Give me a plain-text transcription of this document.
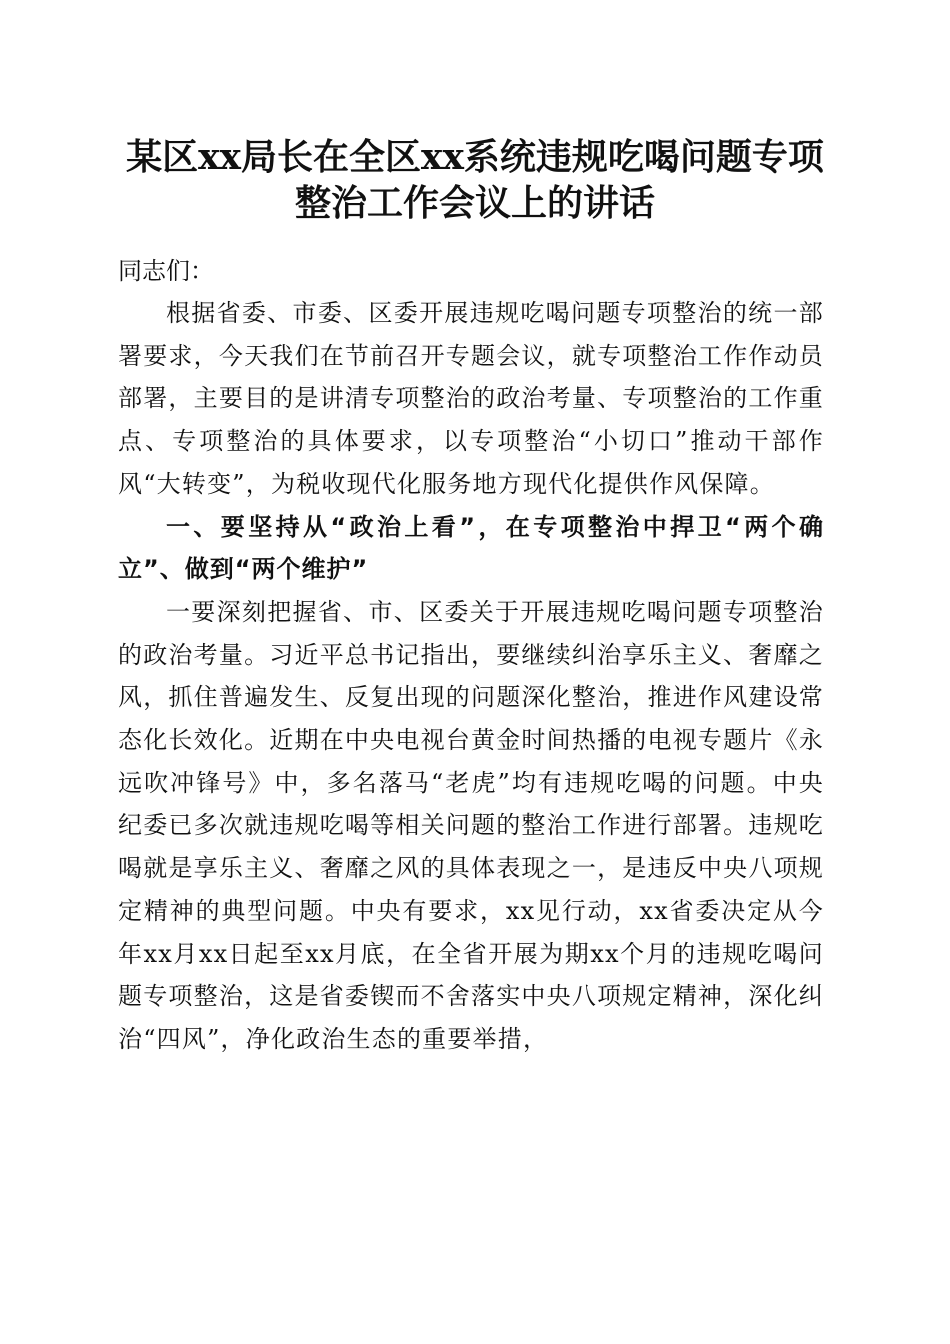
某区xx局长在全区xx系统违规吃喝问题专项
整治工作会议上的讲话

同志们：

根据省委、市委、区委开展违规吃喝问题专项整治的统一部署要求，今天我们在节前召开专题会议，就专项整治工作作动员部署，主要目的是讲清专项整治的政治考量、专项整治的工作重点、专项整治的具体要求，以专项整治“小切口”推动干部作风“大转变”，为税收现代化服务地方现代化提供作风保障。

一、要坚持从“政治上看”，在专项整治中捍卫“两个确立”、做到“两个维护”

一要深刻把握省、市、区委关于开展违规吃喝问题专项整治的政治考量。习近平总书记指出，要继续纠治享乐主义、奢靡之风，抓住普遍发生、反复出现的问题深化整治，推进作风建设常态化长效化。近期在中央电视台黄金时间热播的电视专题片《永远吹冲锋号》中，多名落马“老虎”均有违规吃喝的问题。中央纪委已多次就违规吃喝等相关问题的整治工作进行部署。违规吃喝就是享乐主义、奢靡之风的具体表现之一，是违反中央八项规定精神的典型问题。中央有要求，xx见行动，xx省委决定从今年xx月xx日起至xx月底，在全省开展为期xx个月的违规吃喝问题专项整治，这是省委锲而不舍落实中央八项规定精神，深化纠治“四风”，净化政治生态的重要举措，
